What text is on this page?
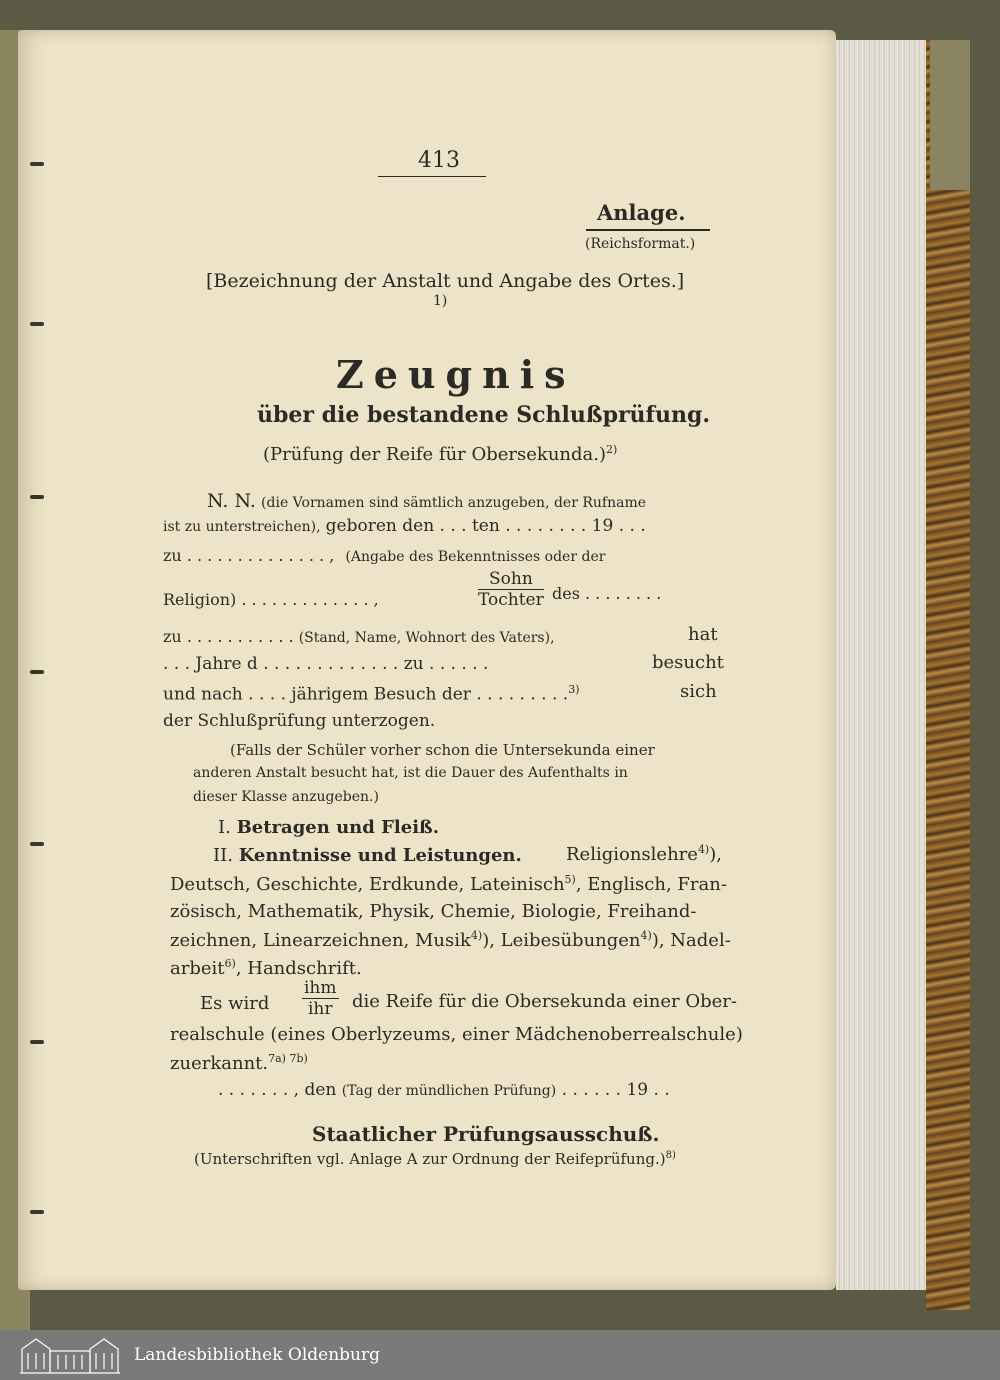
413
Anlage.
(Reichsformat.)
[Bezeichnung der Anstalt und Angabe des Ortes.]
1)
Zeugnis
über die bestandene Schlußprüfung.
(Prüfung der Reife für Obersekunda.)$^{2)}$
N. N. (die Vornamen sind sämtlich anzugeben, der Rufname
ist zu unterstreichen), geboren den . . . ten . . . . . . . . 19 . . .
zu . . . . . . . . . . . . . . , (Angabe des Bekenntnisses oder der
Religion) . . . . . . . . . . . . . ,
Sohn
Tochter des . . . . . . . .
zu . . . . . . . . . . . (Stand, Name, Wohnort des Vaters),	hat
. . . Jahre d . . . . . . . . . . . . . zu . . . . . .	besucht
und nach . . . . jährigem Besuch der . . . . . . . . .$^{3)}$	sich
der Schlußprüfung unterzogen.
(Falls der Schüler vorher schon die Untersekunda einer
anderen Anstalt besucht hat, ist die Dauer des Aufenthalts in
dieser Klasse anzugeben.)
I. Betragen und Fleiß.
II. Kenntnisse und Leistungen. Religionslehre$^{4)}$),
Deutsch, Geschichte, Erdkunde, Lateinisch$^{5)}$, Englisch, Fran-
zösisch, Mathematik, Physik, Chemie, Biologie, Freihand-
zeichnen, Linearzeichnen, Musik$^{4)}$), Leibesübungen$^{4)}$), Nadel-
arbeit$^{6)}$, Handschrift.
Es wird
ihm
ihr	die Reife für die Obersekunda einer Ober-
realschule (eines Oberlyzeums, einer Mädchenoberrealschule)
zuerkannt.$^{7a) 7b)}$
. . . . . . . , den (Tag der mündlichen Prüfung) . . . . . . 19 . .
Staatlicher Prüfungsausschuß.
(Unterschriften vgl. Anlage A zur Ordnung der Reifeprüfung.)$^{8)}$
Landesbibliothek Oldenburg
